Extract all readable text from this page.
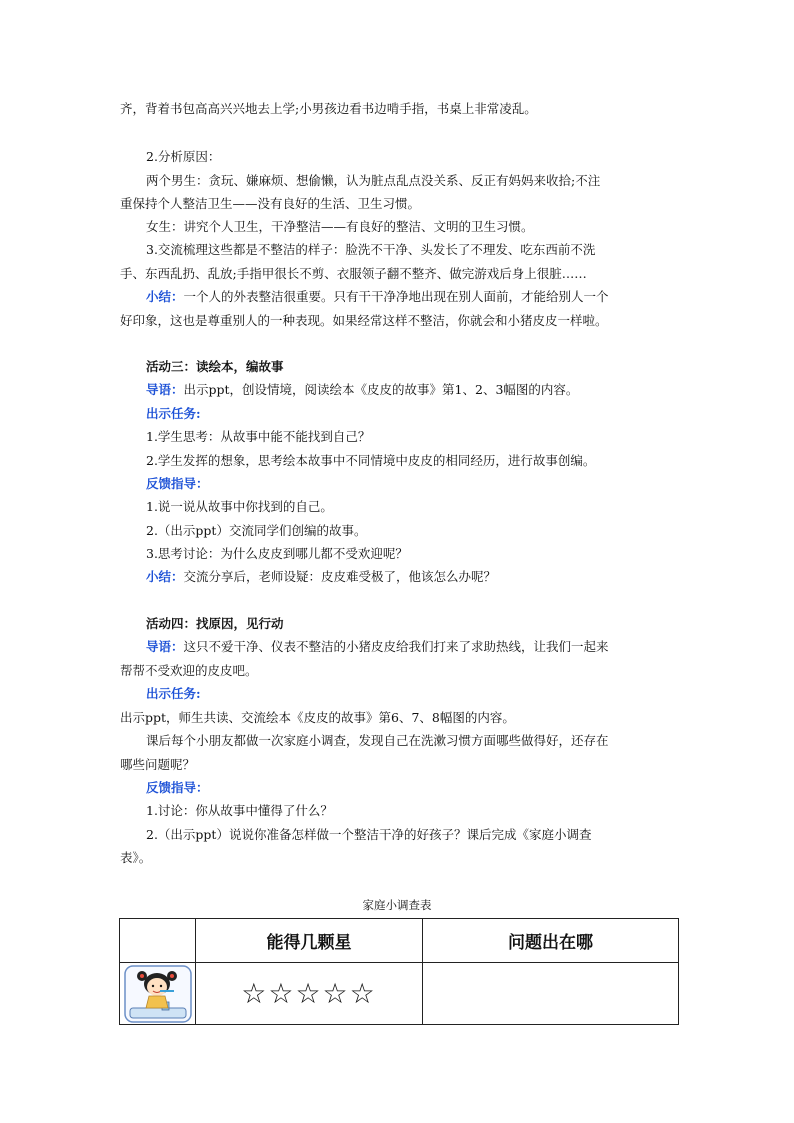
齐，背着书包高高兴兴地去上学;小男孩边看书边啃手指，书桌上非常凌乱。
2.分析原因：
两个男生：贪玩、嫌麻烦、想偷懒，认为脏点乱点没关系、反正有妈妈来收拾;不注
重保持个人整洁卫生——没有良好的生活、卫生习惯。
女生：讲究个人卫生，干净整洁——有良好的整洁、文明的卫生习惯。
3.交流梳理这些都是不整洁的样子：脸洗不干净、头发长了不理发、吃东西前不洗
手、东西乱扔、乱放;手指甲很长不剪、衣服领子翻不整齐、做完游戏后身上很脏……
小结：一个人的外表整洁很重要。只有干干净净地出现在别人面前，才能给别人一个
好印象，这也是尊重别人的一种表现。如果经常这样不整洁，你就会和小猪皮皮一样啦。
活动三：读绘本，编故事
导语：出示ppt，创设情境，阅读绘本《皮皮的故事》第1、2、3幅图的内容。
出示任务:
1.学生思考：从故事中能不能找到自己？
2.学生发挥的想象，思考绘本故事中不同情境中皮皮的相同经历，进行故事创编。
反馈指导：
1.说一说从故事中你找到的自己。
2.（出示ppt）交流同学们创编的故事。
3.思考讨论：为什么皮皮到哪儿都不受欢迎呢？
小结：交流分享后，老师设疑：皮皮难受极了，他该怎么办呢？
活动四：找原因，见行动
导语：这只不爱干净、仪表不整洁的小猪皮皮给我们打来了求助热线，让我们一起来
帮帮不受欢迎的皮皮吧。
出示任务:
出示ppt，师生共读、交流绘本《皮皮的故事》第6、7、8幅图的内容。
课后每个小朋友都做一次家庭小调查，发现自己在洗漱习惯方面哪些做得好，还存在
哪些问题呢？
反馈指导：
1.讨论：你从故事中懂得了什么？
2.（出示ppt）说说你准备怎样做一个整洁干净的好孩子？课后完成《家庭小调查
表》。
家庭小调查表
	能得几颗星	问题出在哪
	☆☆☆☆☆	
